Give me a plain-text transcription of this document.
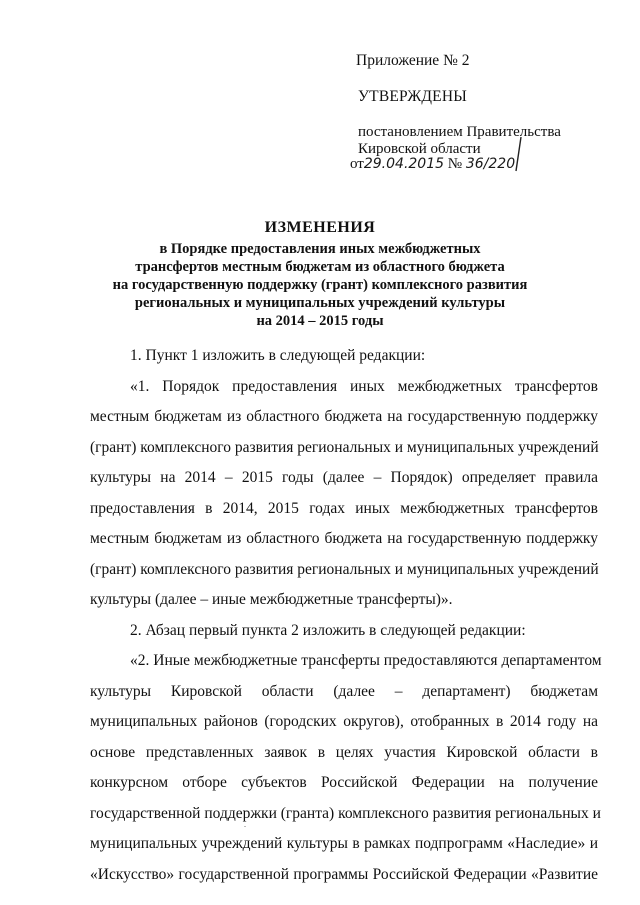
Приложение № 2
УТВЕРЖДЕНЫ
постановлением Правительства
Кировской области
от29.04.2015 № 36/220
ИЗМЕНЕНИЯ
в Порядке предоставления иных межбюджетных
трансфертов местным бюджетам из областного бюджета
на государственную поддержку (грант) комплексного развития
региональных и муниципальных учреждений культуры
на 2014 – 2015 годы
1. Пункт 1 изложить в следующей редакции:
«1. Порядок предоставления иных межбюджетных трансфертов
местным бюджетам из областного бюджета на государственную поддержку
(грант) комплексного развития региональных и муниципальных учреждений
культуры на 2014 – 2015 годы (далее – Порядок) определяет правила
предоставления в 2014, 2015 годах иных межбюджетных трансфертов
местным бюджетам из областного бюджета на государственную поддержку
(грант) комплексного развития региональных и муниципальных учреждений
культуры (далее – иные межбюджетные трансферты)».
2. Абзац первый пункта 2 изложить в следующей редакции:
«2. Иные межбюджетные трансферты предоставляются департаментом
культуры Кировской области (далее – департамент) бюджетам
муниципальных районов (городских округов), отобранных в 2014 году на
основе представленных заявок в целях участия Кировской области в
конкурсном отборе субъектов Российской Федерации на получение
государственной поддержки (гранта) комплексного развития региональных и
муниципальных учреждений культуры в рамках подпрограмм «Наследие» и
«Искусство» государственной программы Российской Федерации «Развитие
